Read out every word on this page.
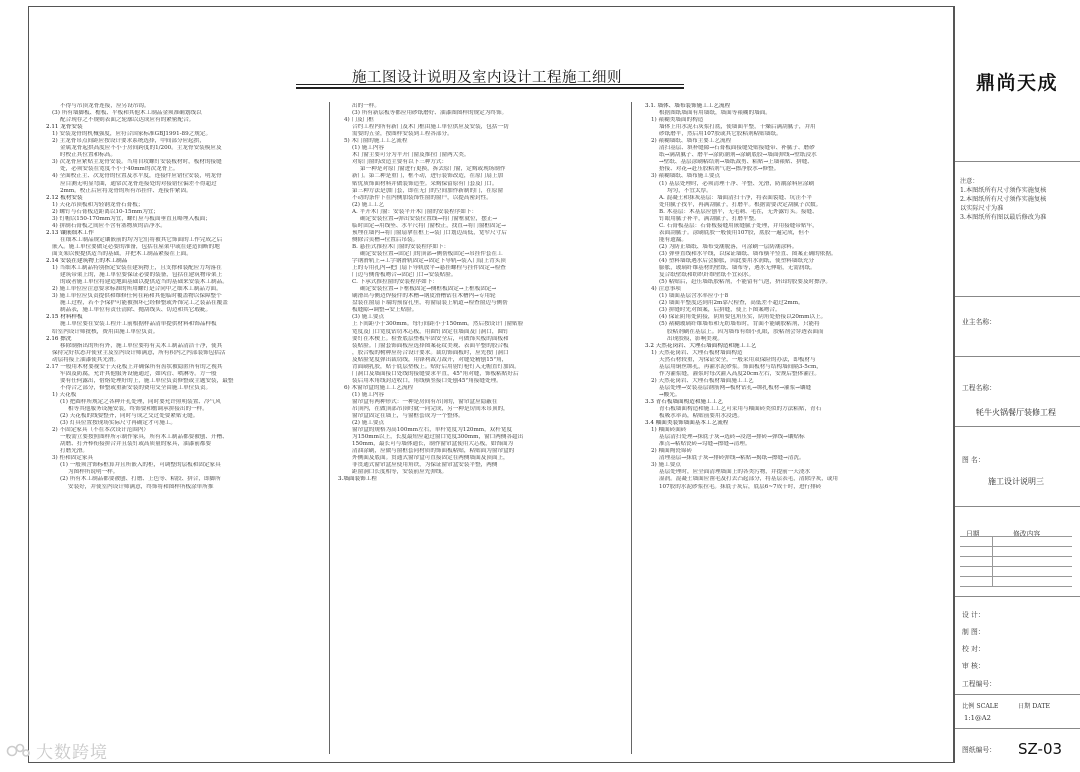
施工图设计说明及室内设计工程施工细则
不得与吊顶龙骨连接，应另设吊钩。
(3) 所有墙脚板、檐板、平板和其他木工制品金须准确划线以
配合现存之不规则表面之轮廓以达成应有的紧密配合。
2.11 龙骨安装
1) 安装龙骨的机械强度，应符合国家标准GBJ1991-89之规定。
2) 主龙骨吊点间距应按设计要求系统选择，中间部分应起拱，
金属龙骨起拱高度应不小于房间跨度的1/200。主龙骨安装模应及
时校正其位置和标高。
3) 次龙骨应紧贴主龙骨安装。当用自攻螺钉安装板材时，板材的接缝
处，必须安装在宽度不小于40mm的次龙骨上。
4) 全面校正主、次龙骨的位置及水平度，连接件应错位安装，明龙骨
应目测无明显弯曲，通常次龙骨连接处的对接错位偏差不得超过
2mm。校正后应将龙骨的所有吊挂件、连接件紧固。
2.12 板材安装
1) 天花吊顶板和为轻钢龙骨石膏板；
2) 螺钉与石膏板边距离以10-15mm为宜；
3) 钉帽以150-170mm为宜，螺钉应与板面垂直且略埋入板面；
4) 拼制石膏板之间应不含有塞物质的洁净水。
2.13 镶嵌细木工作
在细木工制品规定镶嵌前的均为它们将被其它饰面的工作完成之后
嵌入。施工单位要做足必要的准备，包括在屋架中或在建造间断的地
面支架以便提供适当的基础，并把木工制品紧接在上面。
2.14 安装在建筑物上的木工制品
1) 当细木工制品特别指定安装在建筑物上，且支撑和装配应力均落在
建筑带架上的，施工单位要保证必要的装备，包括在建筑物带架上
的或者施工单位将建造地面基础以提供适当的基础来安装木工制品。
2) 施工单位应注意要求标准的所用螺钉是合同中之细木工制品方面。
3) 施工单位应负责提供和维修任何在箱和其他临时覆盖物以保障整个
施工过程，若不予保护可能被损坏已经修整或外饰完工之装品在覆盖
制品表，施工单位有责任清除、抛刮线头、切边和其它瑕疵。
2.15 材料样板
施工单位要在安装工程开工前根据样品清单提供材料和饰品样板
给室内设计师批核，费用由施工单位负责。
2.16 擦洗
移除制指出的所有外，施工单位要将有关木工制品清洁干净，使其
保持完好状态并使业主及室内设计师满意，所有积内之内部装饰包括活
动层将接上油漆使其光滑。
2.17 一般用木材要视安于天花板上并确保所有齿状被隐匿所有的之视其
牢固及防腐，允许其他服务设施通过，如风管、喷淋等。方一般
要有任何露出，借熔处理好的上，施工单位负责修整或主题安装，最整
不得合之部分，修整或重新安装的费用交全由施工单位负责。
1) 天花板
(1) 把圆样所规定之各种开孔处理，同时要允许照明装置、冷气风
相等其他服务设施安装，终饰要和檐调承拼接出的一样。
(2) 天花板的线要整齐，同时与成之交过处要紧贴无缝。
(3) 灯具位置按现场实际尺寸再确定才可施工。
2) 不固定家具（不在本次设计范围内）
一般需立要按照图样所示制作家具，所有木工制品都要被刨、开槽、
刮磨、打齐棒衔接拼合并且装钉或高质量的家具，油漆前都要
打磨光滑。
3) 柜和固定家具
(1) 一般须含饰标框算并且所嵌入的柜，可调整的层板和固定家具
为图样所说明一样。
(2) 所有木工制品都要被刨、打磨、上色等、粘胶、拼合，即脚所
安装好，并使室内设计师满意，终饰将和图样所板涂单所推
出的一样。
(3) 所有新层板等都应用砂纸磨好、油漆图图样的规定为终饰。
4) 门及门框
合约工程内所有新门及木门框由施工单位供应及安装，包括一切
需要的五金，按图样安装到工程各部分。
5) 木门窗的施工工艺流程
(1) 施工内容
木门窗主要可分为平开门窗及推拉门窗两大类。
对原门窗的改造主要有以下三种方式：
第一种是对原门窗进行更换，拆去原门窗，定购或现场制作
新门。第二种是重门，框不动，进行装饰改造，在原门扇上加
贴优质饰面材料并做装饰造型。采购保留原有门套及门口。
第三种方法是加门套，即在无门的空间加作新制的门，在原窗
不动的条件下在内侧加装饰性窗的窗户，以提高密封性。
(2) 施工工艺
A. 平开木门窗：安装平开木门窗的安装程序如下：
确定安装位置→弹出安装位置线→将门窗框就位，摆正→
临时固定→用线坠、水平尺将门窗校正，找直→将门窗框固定→
预埋在墙内→将门窗扇拿在框上→装门口划边高低，宽窄尺寸后
侧除合页槽→位置后吊装。
B. 悬挂式推拉木门窗的安装程序如下：
确定安装位置→固定门的顶部→侧帮板固定→吊挂件套在工
字钢滑轨上→工字钢滑轨固定→固定下导轨→装入门扇上背头顶
上的专用孔内→把门扇下导轨放平→悬挂螺栓与挂件固定→检查
门边与侧帮板吻合→固定门口→安装贴脸。
C. 下承式推拉窗的安装程序如下：
确定安装位置→下框板固定→侧框板固定→上框板固定→
刷滑出与侧边焊接件的木槽→钢皮滑槽钻在木槽内→专用轮
盘装在窗扇下端的预留孔里，将窗扇装上轨道→检查窗边与侧帮
板缝隙→调整→安上贴脸。
(3) 施工要点
上下间距小于300mm。每行间距小于150mm。然后按设计门窗贴脸
宽度及门口宽度钻切木芯板，用圆钉固定在墙面及门洞口，圆钉
要钉在木楔上。检查底层垫板牢固安全后，可做饰夹板的面板和
装贴脸。门窗套饰面板应选择图案花纹美观、表面平整的胶合板
，胶合板的树种应符合设计要求。裁切饰面板时，应先按门洞口
及贴脸宽度弹出裁切线，用锋利裁刀裁开，对缝处精刨15°角，
背面刷乳胶，贴于底层垫板上。贴好后用射钉枪钉入无帽直钉加固。
门洞口及墙面接口处线的接缝要求平直，45°角对缝，饰板粘贴好后
装后用木角线封边收口，角线横竖接口处刨45°角接缝处理。
6) 木窗帘盒的施工工艺流程
(1) 施工内容
窗帘盒有两种形式：一种是房间有吊顶的，窗帘盒应隐蔽在
吊顶内，在做顶部吊顶时就一同完成，另一种是房间未吊顶的，
窗帘盒固定在墙上，与窗框套成为一个整体。
(2) 施工要点
窗帘盒的规格为高100mm左右，单杆宽度为120mm，双杆宽度
为150mm以上，长度最短应超过窗口宽度300mm，窗口两侧各超出
150mm，最长可与墙体通长，制作窗帘盒使用大芯板，如饰面为
清油涂刷，应做与窗框套同材质的饰面板粘贴，粘贴面为窗帘盒的
外侧面及底面。贯通式窗帘盒可直接固定在两侧墙面及顶面上，
非贯通式窗帘盒应使用角铁，为保证窗帘盒安装平整，两侧
距窗洞口长度相等，安装前应先弹线。
3.墙面装饰工程
3.1. 墙体、墙布装饰施工工艺流程
根据图纸墙面有用墙纸，墙面等裱糊的墙面。
1) 裱糊类墙面的构造
墙体上用水泥石灰浆打底，使墙面平整，干燥后满刮腻子，并用
砂纸磨平，然后用107胶或其它胶粘剂粘贴墙纸。
2) 裱糊墙纸、墙布主要工艺流程
清扫基层、填补缝隙→石膏板面接缝处贴接缝带、补腻子、磨砂
纸→满刮腻子、磨平→涂防潮剂→涂刷底胶→墙面弹线→壁纸浸水
→壁纸、基层涂刷粘结剂→墙纸裁剪、粘贴→上墙裱贴、拼缝、
搭接、对花→赶压胶粘剂气泡→擦净胶水→修整。
3) 裱糊墙纸、墙布施工要点
(1) 基层处理时，必须清理干净、平整、光滑，防潮涂料应涂刷
均匀，不宜太厚。
A. 混凝土和抹灰基层：墙面清扫干净，将表面裂缝、坑洼不平
处用腻子找平，再满刮腻子，打磨平。根据需要决定刮腻子次数。
B. 木基层：木基层应刨平，无毛刺、毛茬，无外露钉头。接缝、
钉眼用腻子补平，满刮腻子，打磨平整。
C. 石膏板基层：石膏板接缝用嵌缝腻子处理，并用接缝带贴牢，
表面刮腻子。涂刷底胶一般使用107胶，底胶一遍完成，但不
能有遗漏。
(2) 为防止墙纸、墙布受潮脱落，可涂刷一层防潮涂料。
(3) 弹垂直线和水平线，以保证墙纸、墙布横平竖直、图案正确的依据。
(4) 塑料墙纸遇水后会膨胀，因此要用水润纸，使塑料墙纸充分
膨胀，玻璃纤维基材的壁纸、墙布等，遇水无伸缩，无需润纸。
复合纸壁纸和纺织纤维壁纸不宜闷水。
(5) 粘贴后，赶压墙纸胶粘剂，不能留有气泡，挤出的胶要及时擦净。
4) 注意事项
(1) 墙面基层含水率应小于8
(2) 墙面平整度达到用2m靠尺检查，高低差不超过2mm。
(3) 拼缝时先对图案，后拼缝，使上下图案吻合。
(4) 保证阴角处阴接，阴角要包角压实，阴角处搭接以20mm以上。
(5) 裱糊玻璃纤维墙布和无纺墙布时，背面不能刷胶粘剂，只能将
胶粘剂刷在基层上。因为墙布有细小孔眼，胶粘剂会穿透表面而
出现胶痕，影响美观。
3.2 天然花岗岩、大理石墙面构造和施工工艺
1) 天然花岗岩、大理石板材墙面构造
天然石材较重，为保证安全，一般采用双保险的办法，即板材与
基层用铜丝绑孔，再灌水泥砂浆。饰面板材与结构墙间隔3-5cm，
作为灌浆缝，灌浆时每次灌入高度20cm左右，安规后整体灌注。
2) 天然花岗岩、大理石板材墙面施工工艺
基层处理→安装基层钢筋网→板材钻孔→绑扎板材→灌浆→镶缝
→酸光。
3.3 青石板墙面构造和施工工艺
青石板墙面构造和施工工艺可采用与釉面砖类似的方法粘贴，青石
板吸水率高，粘贴前要用水浸透。
3.4 釉面类装饰墙面基本工艺流程
1) 釉面砖面砖
基层清扫处理→抹底子灰→选砖→浸泡→排砖→弹线→镶贴标
准点→粘贴瓷砖→勾缝→擦缝→清理。
2) 釉面陶瓷锦砖
清理基层→抹底子灰→排砖弹线→粘贴→揭纸→擦缝→清洗。
3) 施工要点
基层处理时，应全面清理墙面上的各类污物，并提前一天浇水
湿润。混凝土墙面应凿毛及打去凸起部分，将基层表毛，清除浮灰，或用
107胶的水泥砂浆拉毛。抹底子灰后，底层6~7成干时，进行排砖
鼎尚天成
注意：
1.本图纸所有尺寸须作实施复核
2.本图纸所有尺寸须作实施复核
以实际尺寸为准
3.本图纸所有图以最后修改为准
业主名称：
工程名称：
牦牛火锅餐厅装修工程
图 名：
施工设计说明三
日期	修改内容
设 计：
制 图：
校 对：
审 核：
工程编号：
比例 SCALE	日期 DATE
1:1@A2
图纸编号： SZ-03
大数跨境
